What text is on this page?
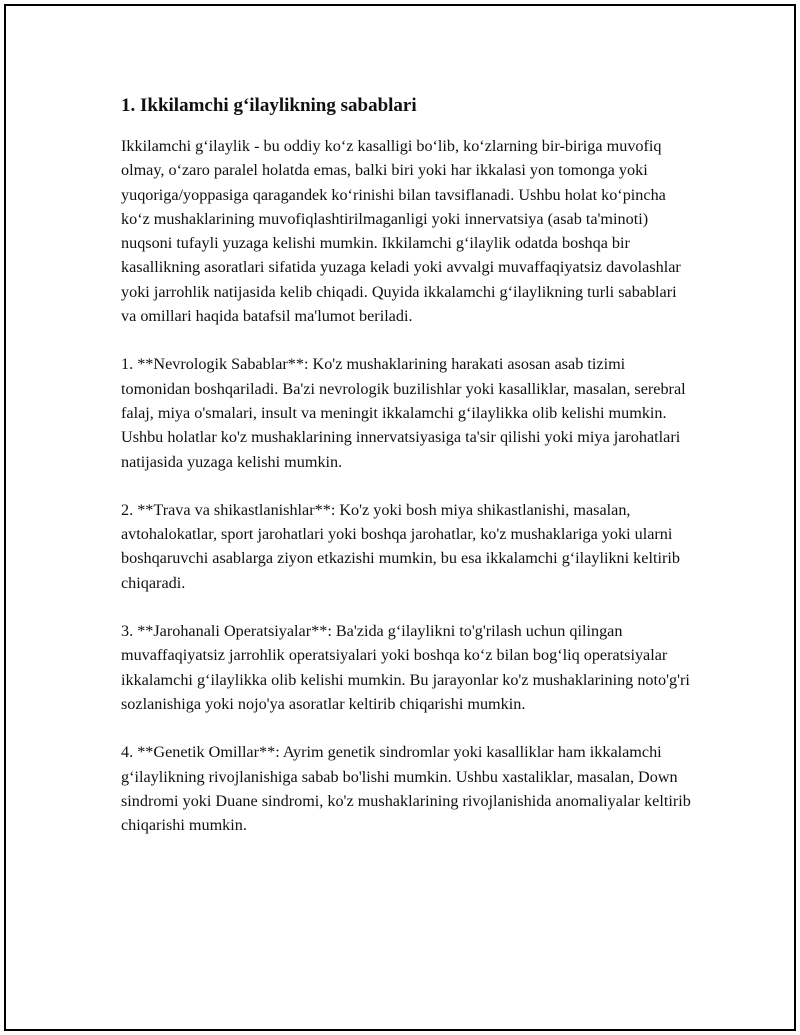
1. Ikkilamchi g‘ilaylikning sabablari

Ikkilamchi g‘ilaylik - bu oddiy ko‘z kasalligi bo‘lib, ko‘zlarning bir-biriga muvofiq olmay, o‘zaro paralel holatda emas, balki biri yoki har ikkalasi yon tomonga yoki yuqoriga/yoppasiga qaragandek ko‘rinishi bilan tavsiflanadi. Ushbu holat ko‘pincha ko‘z mushaklarining muvofiqlashtirilmaganligi yoki innervatsiya (asab ta'minoti) nuqsoni tufayli yuzaga kelishi mumkin. Ikkilamchi g‘ilaylik odatda boshqa bir kasallikning asoratlari sifatida yuzaga keladi yoki avvalgi muvaffaqiyatsiz davolashlar yoki jarrohlik natijasida kelib chiqadi. Quyida ikkalamchi g‘ilaylikning turli sabablari va omillari haqida batafsil ma'lumot beriladi.

1. **Nevrologik Sabablar**: Ko'z mushaklarining harakati asosan asab tizimi tomonidan boshqariladi. Ba'zi nevrologik buzilishlar yoki kasalliklar, masalan, serebral falaj, miya o'smalari, insult va meningit ikkalamchi g‘ilaylikka olib kelishi mumkin. Ushbu holatlar ko'z mushaklarining innervatsiyasiga ta'sir qilishi yoki miya jarohatlari natijasida yuzaga kelishi mumkin.

2. **Trava va shikastlanishlar**: Ko'z yoki bosh miya shikastlanishi, masalan, avtohalokatlar, sport jarohatlari yoki boshqa jarohatlar, ko'z mushaklariga yoki ularni boshqaruvchi asablarga ziyon etkazishi mumkin, bu esa ikkalamchi g‘ilaylikni keltirib chiqaradi.

3. **Jarohanali Operatsiyalar**: Ba'zida g‘ilaylikni to'g'rilash uchun qilingan muvaffaqiyatsiz jarrohlik operatsiyalari yoki boshqa ko‘z bilan bog‘liq operatsiyalar ikkalamchi g‘ilaylikka olib kelishi mumkin. Bu jarayonlar ko'z mushaklarining noto'g'ri sozlanishiga yoki nojo'ya asoratlar keltirib chiqarishi mumkin.

4. **Genetik Omillar**: Ayrim genetik sindromlar yoki kasalliklar ham ikkalamchi g‘ilaylikning rivojlanishiga sabab bo'lishi mumkin. Ushbu xastaliklar, masalan, Down sindromi yoki Duane sindromi, ko'z mushaklarining rivojlanishida anomaliyalar keltirib chiqarishi mumkin.
